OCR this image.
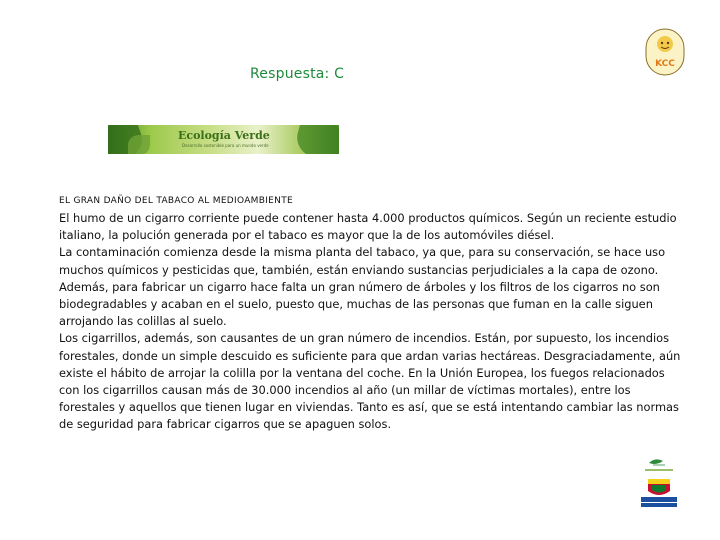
Respuesta: C
KCC
Ecología Verde
Desarrollo sostenible para un mundo verde
EL GRAN DAÑO DEL TABACO AL MEDIOAMBIENTE

El humo de un cigarro corriente puede contener hasta 4.000 productos químicos. Según un reciente estudio italiano, la polución generada por el tabaco es mayor que la de los automóviles diésel.

La contaminación comienza desde la misma planta del tabaco, ya que, para su conservación, se hace uso muchos químicos y pesticidas que, también, están enviando sustancias perjudiciales a la capa de ozono.

Además, para fabricar un cigarro hace falta un gran número de árboles y los filtros de los cigarros no son biodegradables y acaban en el suelo, puesto que, muchas de las personas que fuman en la calle siguen arrojando las colillas al suelo.

Los cigarrillos, además, son causantes de un gran número de incendios. Están, por supuesto, los incendios forestales, donde un simple descuido es suficiente para que ardan varias hectáreas. Desgraciadamente, aún existe el hábito de arrojar la colilla por la ventana del coche. En la Unión Europea, los fuegos relacionados con los cigarrillos causan más de 30.000 incendios al año (un millar de víctimas mortales), entre los forestales y aquellos que tienen lugar en viviendas. Tanto es así, que se está intentando cambiar las normas de seguridad para fabricar cigarros que se apaguen solos.
